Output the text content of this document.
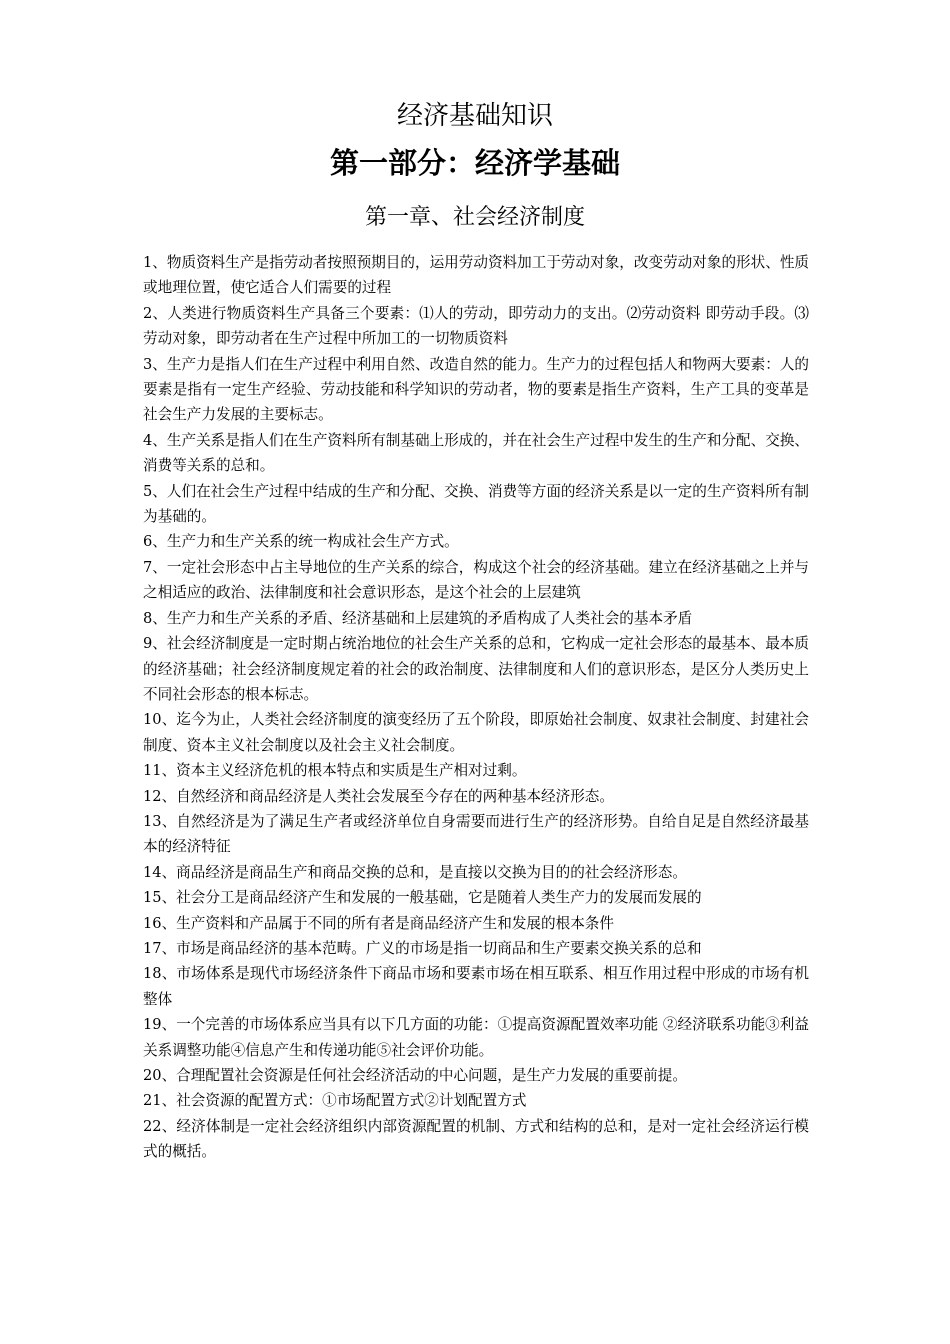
经济基础知识
第一部分：经济学基础
第一章、社会经济制度

1、物质资料生产是指劳动者按照预期目的，运用劳动资料加工于劳动对象，改变劳动对象的形状、性质或地理位置，使它适合人们需要的过程

2、人类进行物质资料生产具备三个要素：⑴人的劳动，即劳动力的支出。⑵劳动资料 即劳动手段。⑶劳动对象，即劳动者在生产过程中所加工的一切物质资料

3、生产力是指人们在生产过程中利用自然、改造自然的能力。生产力的过程包括人和物两大要素：人的要素是指有一定生产经验、劳动技能和科学知识的劳动者，物的要素是指生产资料，生产工具的变革是社会生产力发展的主要标志。

4、生产关系是指人们在生产资料所有制基础上形成的，并在社会生产过程中发生的生产和分配、交换、消费等关系的总和。

5、人们在社会生产过程中结成的生产和分配、交换、消费等方面的经济关系是以一定的生产资料所有制为基础的。

6、生产力和生产关系的统一构成社会生产方式。

7、一定社会形态中占主导地位的生产关系的综合，构成这个社会的经济基础。建立在经济基础之上并与之相适应的政治、法律制度和社会意识形态，是这个社会的上层建筑

8、生产力和生产关系的矛盾、经济基础和上层建筑的矛盾构成了人类社会的基本矛盾

9、社会经济制度是一定时期占统治地位的社会生产关系的总和，它构成一定社会形态的最基本、最本质的经济基础；社会经济制度规定着的社会的政治制度、法律制度和人们的意识形态，是区分人类历史上不同社会形态的根本标志。

10、迄今为止，人类社会经济制度的演变经历了五个阶段，即原始社会制度、奴隶社会制度、封建社会制度、资本主义社会制度以及社会主义社会制度。

11、资本主义经济危机的根本特点和实质是生产相对过剩。

12、自然经济和商品经济是人类社会发展至今存在的两种基本经济形态。

13、自然经济是为了满足生产者或经济单位自身需要而进行生产的经济形势。自给自足是自然经济最基本的经济特征

14、商品经济是商品生产和商品交换的总和，是直接以交换为目的的社会经济形态。

15、社会分工是商品经济产生和发展的一般基础，它是随着人类生产力的发展而发展的

16、生产资料和产品属于不同的所有者是商品经济产生和发展的根本条件

17、市场是商品经济的基本范畴。广义的市场是指一切商品和生产要素交换关系的总和

18、市场体系是现代市场经济条件下商品市场和要素市场在相互联系、相互作用过程中形成的市场有机整体

19、一个完善的市场体系应当具有以下几方面的功能：①提高资源配置效率功能 ②经济联系功能③利益关系调整功能④信息产生和传递功能⑤社会评价功能。

20、合理配置社会资源是任何社会经济活动的中心问题，是生产力发展的重要前提。

21、社会资源的配置方式：①市场配置方式②计划配置方式

22、经济体制是一定社会经济组织内部资源配置的机制、方式和结构的总和，是对一定社会经济运行模式的概括。
